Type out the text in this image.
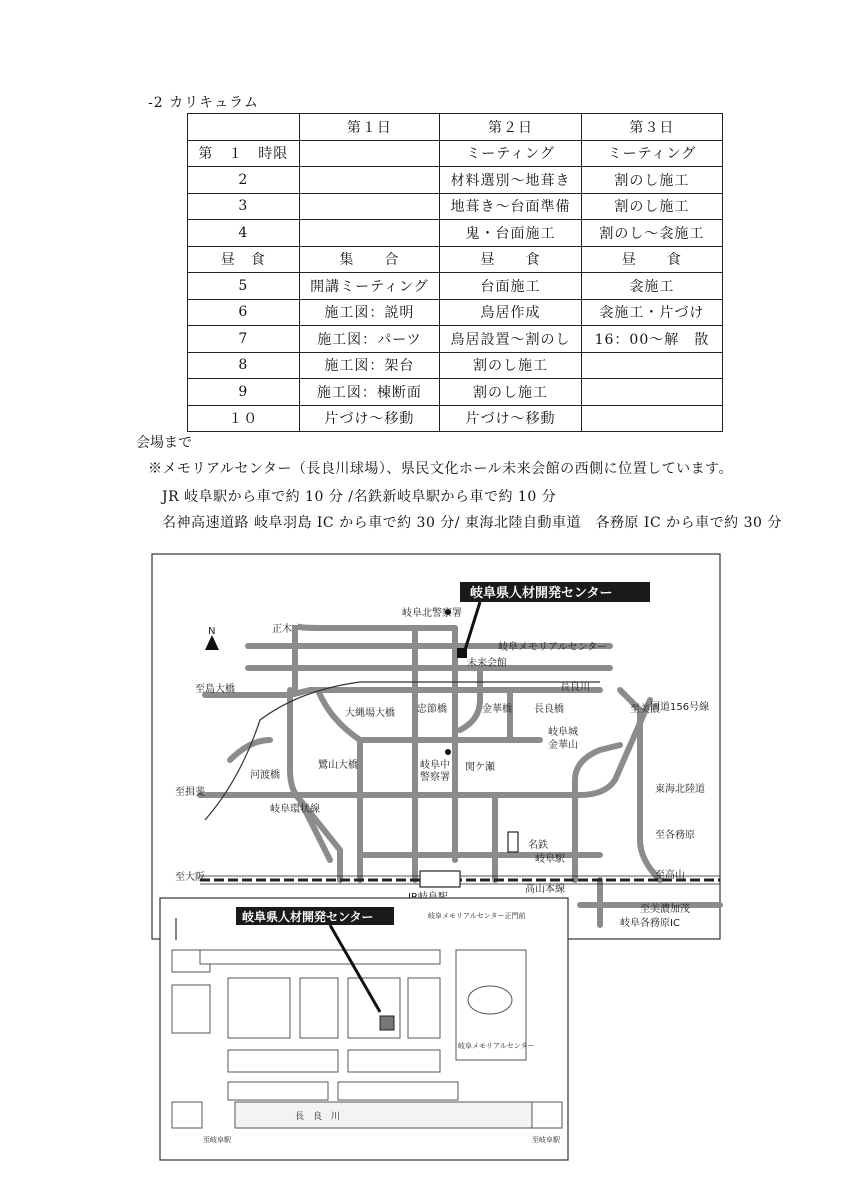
-2 カリキュラム
	第１日	第２日	第３日
第　１　時限		ミーティング	ミーティング
2		材料選別～地葺き	割のし施工
3		地葺き～台面準備	割のし施工
4		鬼・台面施工	割のし～衾施工
昼　食	集　　合	昼　　食	昼　　食
5	開講ミーティング	台面施工	衾施工
6	施工図：説明	鳥居作成	衾施工・片づけ
7	施工図：パーツ	鳥居設置～割のし	16：00～解　散
8	施工図：架台	割のし施工	
9	施工図：棟断面	割のし施工	
１０	片づけ～移動	片づけ～移動	
会場まで
※メモリアルセンター（長良川球場）、県民文化ホール未来会館の西側に位置しています。
JR 岐阜駅から車で約 10 分 /名鉄新岐阜駅から車で約 10 分
名神高速道路 岐阜羽島 IC から車で約 30 分/ 東海北陸自動車道　各務原 IC から車で約 30 分
N
岐阜県人材開発センター
岐阜北警察署
岐阜メモリアルセンター
未来会館
正木
至島大橋	長良川
大縄場大橋 忠節橋	金華橋 長良橋
岐阜城
金華山
鷺山大橋
河渡橋
至揖斐
岐阜中
警察署
関ケ瀬
岐阜環状線
至美濃
国道156号線
東海北陸道
名鉄
岐阜駅
至各務原
至大阪	至高山
高山本線
至美濃加茂
岐阜各務原IC
岐阜県人材開発センター	岐阜メモリアルセンター正門前
岐阜メモリアルセンター
長　良　川
至岐阜駅	至岐阜駅
